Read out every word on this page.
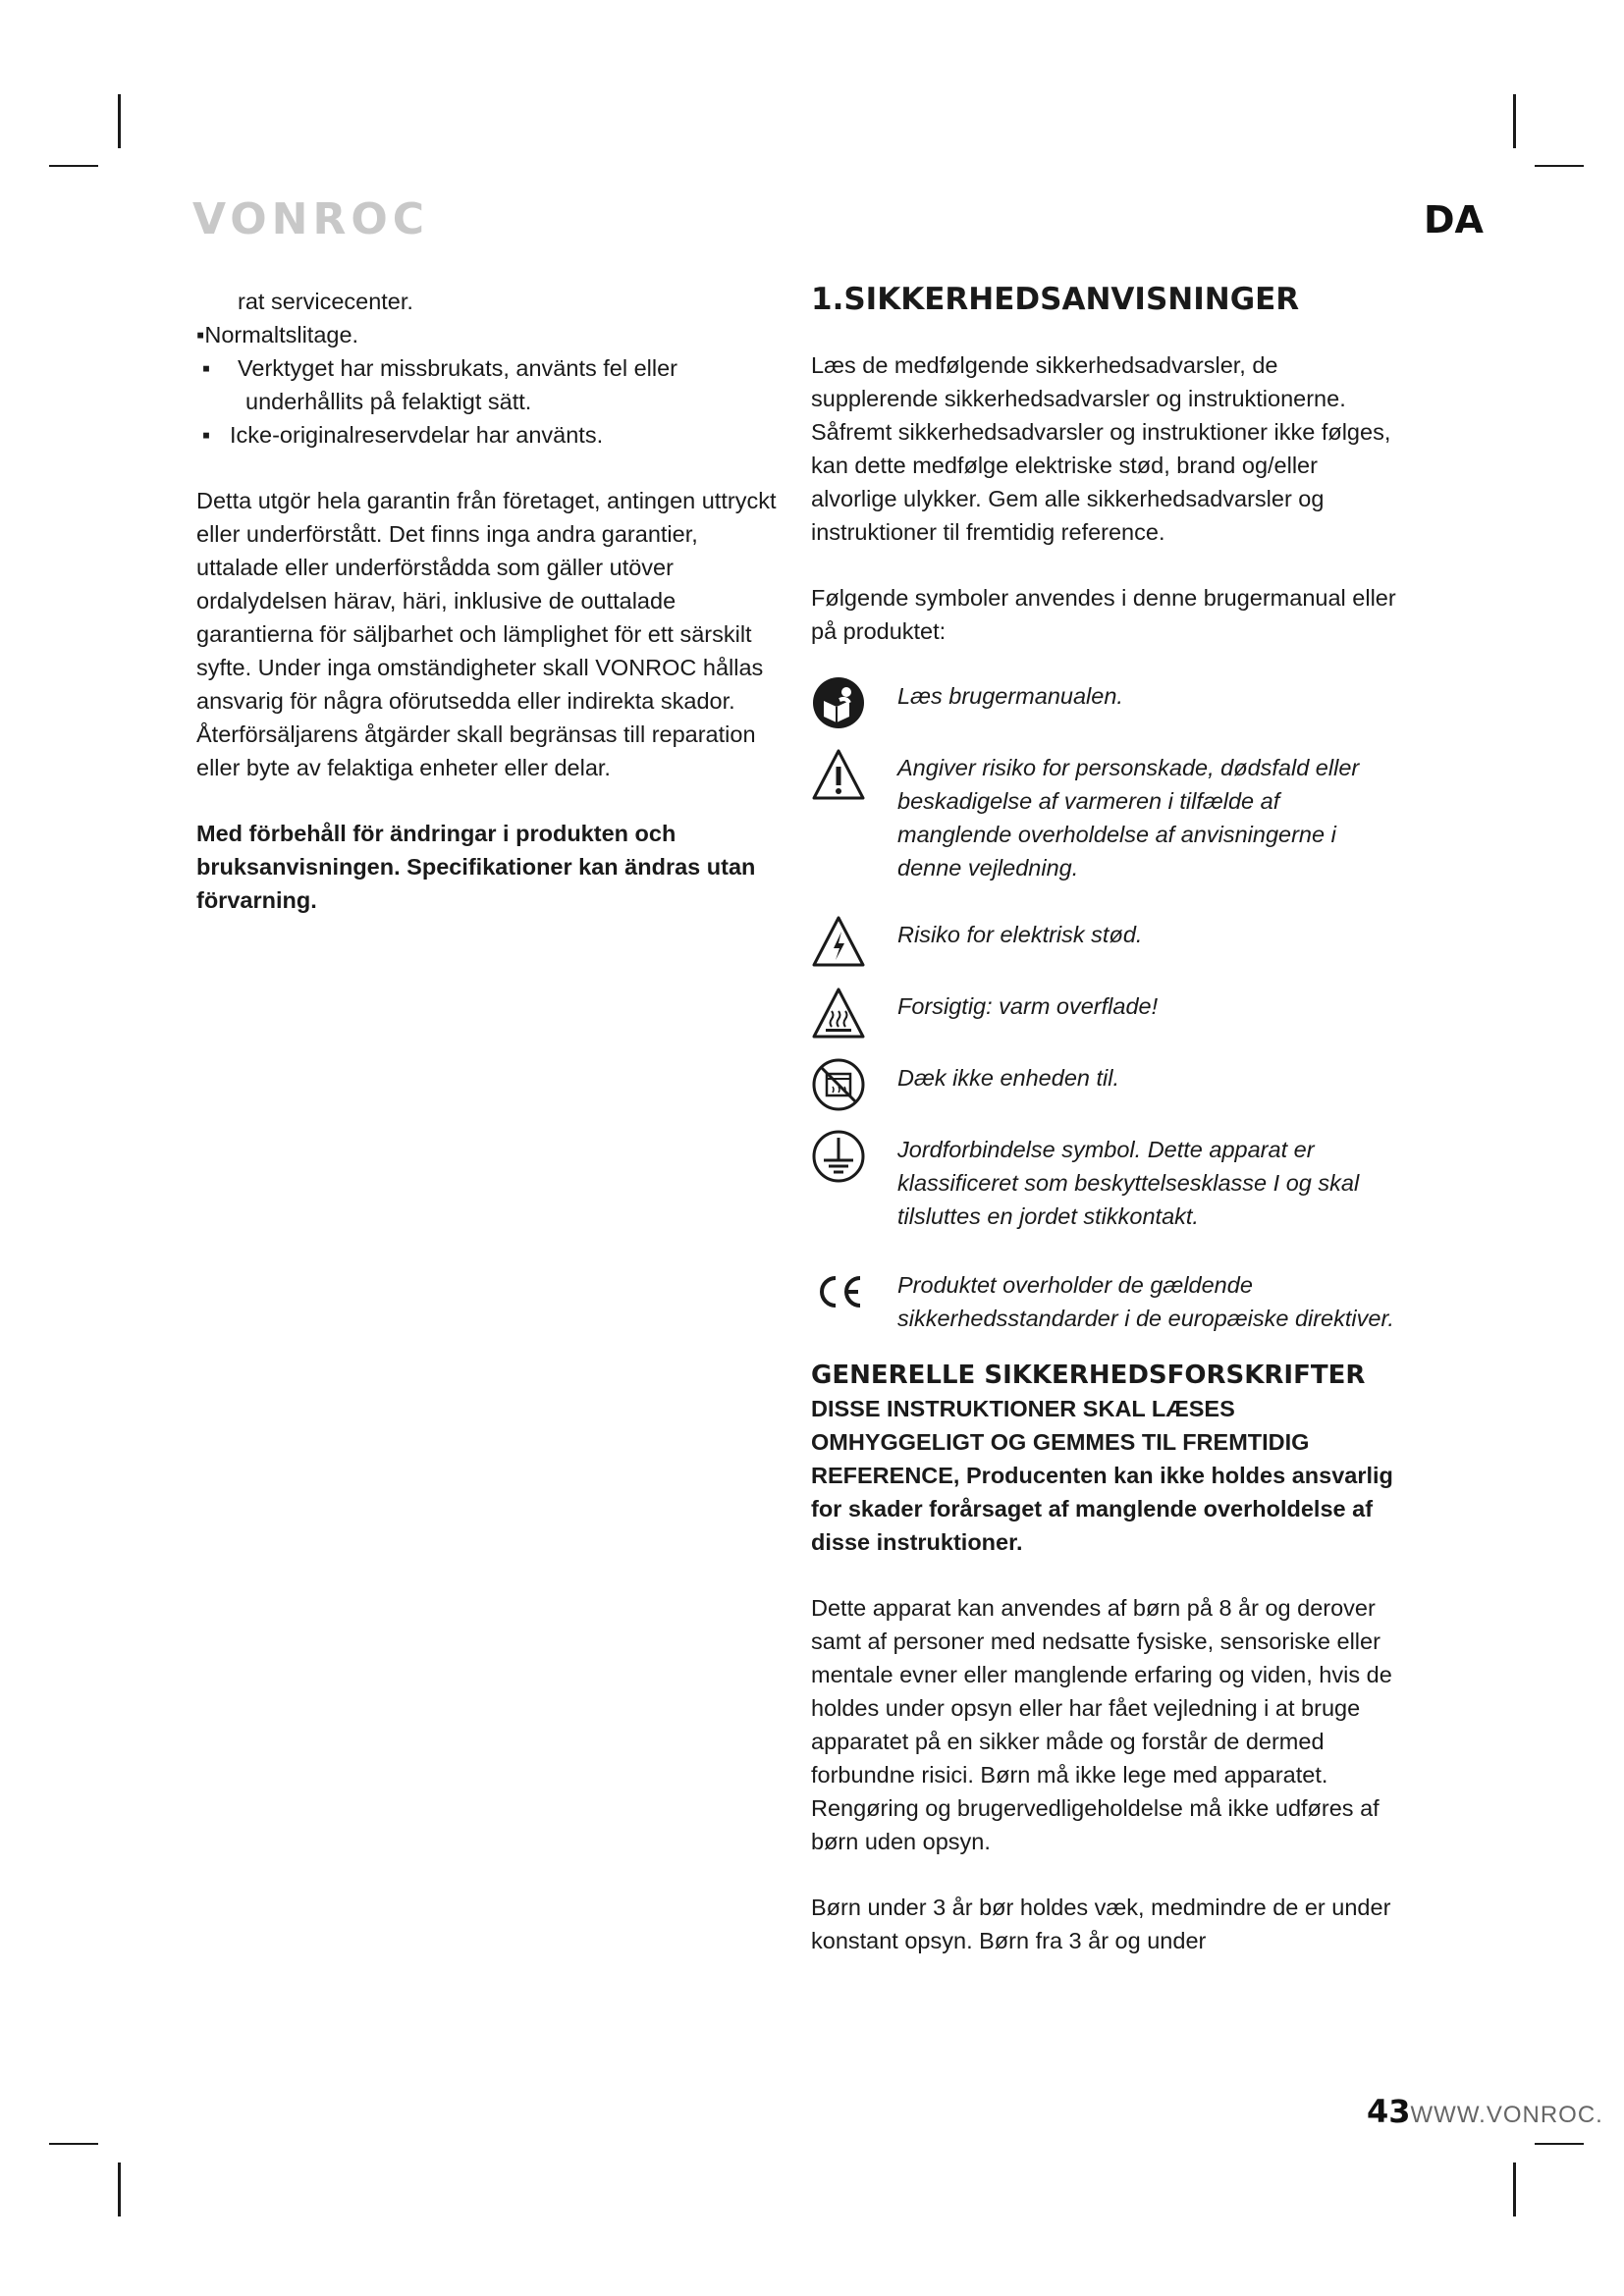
VONROC	DA

rat servicecenter.

▪Normaltslitage.

▪ Verktyget har missbrukats, använts fel eller underhållits på felaktigt sätt.

▪ Icke-originalreservdelar har använts.

Detta utgör hela garantin från företaget, antingen uttryckt eller underförstått. Det finns inga andra garantier, uttalade eller underförstådda som gäller utöver ordalydelsen härav, häri, inklusive de outtalade garantierna för säljbarhet och lämplighet för ett särskilt syfte. Under inga omständigheter skall VONROC hållas ansvarig för några oförutsedda eller indirekta skador. Återförsäljarens åtgärder skall begränsas till reparation eller byte av felaktiga enheter eller delar.

Med förbehåll för ändringar i produkten och bruksanvisningen. Specifikationer kan ändras utan förvarning.

1.SIKKERHEDSANVISNINGER

Læs de medfølgende sikkerhedsadvarsler, de supplerende sikkerhedsadvarsler og instruktionerne. Såfremt sikkerhedsadvarsler og instruktioner ikke følges, kan dette medfølge elektriske stød, brand og/eller alvorlige ulykker. Gem alle sikkerhedsadvarsler og instruktioner til fremtidig reference.

Følgende symboler anvendes i denne brugermanual eller på produktet:

Læs brugermanualen.
Angiver risiko for personskade, dødsfald eller beskadigelse af varmeren i tilfælde af manglende overholdelse af anvisningerne i denne vejledning.
Risiko for elektrisk stød.
Forsigtig: varm overflade!
Dæk ikke enheden til.
Jordforbindelse symbol. Dette apparat er klassificeret som beskyttelsesklasse I og skal tilsluttes en jordet stikkontakt.
Produktet overholder de gældende sikkerhedsstandarder i de europæiske direktiver.

GENERELLE SIKKERHEDSFORSKRIFTER

DISSE INSTRUKTIONER SKAL LÆSES OMHYGGELIGT OG GEMMES TIL FREMTIDIG REFERENCE, Producenten kan ikke holdes ansvarlig for skader forårsaget af manglende overholdelse af disse instruktioner.

Dette apparat kan anvendes af børn på 8 år og derover samt af personer med nedsatte fysiske, sensoriske eller mentale evner eller manglende erfaring og viden, hvis de holdes under opsyn eller har fået vejledning i at bruge apparatet på en sikker måde og forstår de dermed forbundne risici. Børn må ikke lege med apparatet. Rengøring og brugervedligeholdelse må ikke udføres af børn uden opsyn.

Børn under 3 år bør holdes væk, medmindre de er under konstant opsyn. Børn fra 3 år og under

43WWW.VONROC.
